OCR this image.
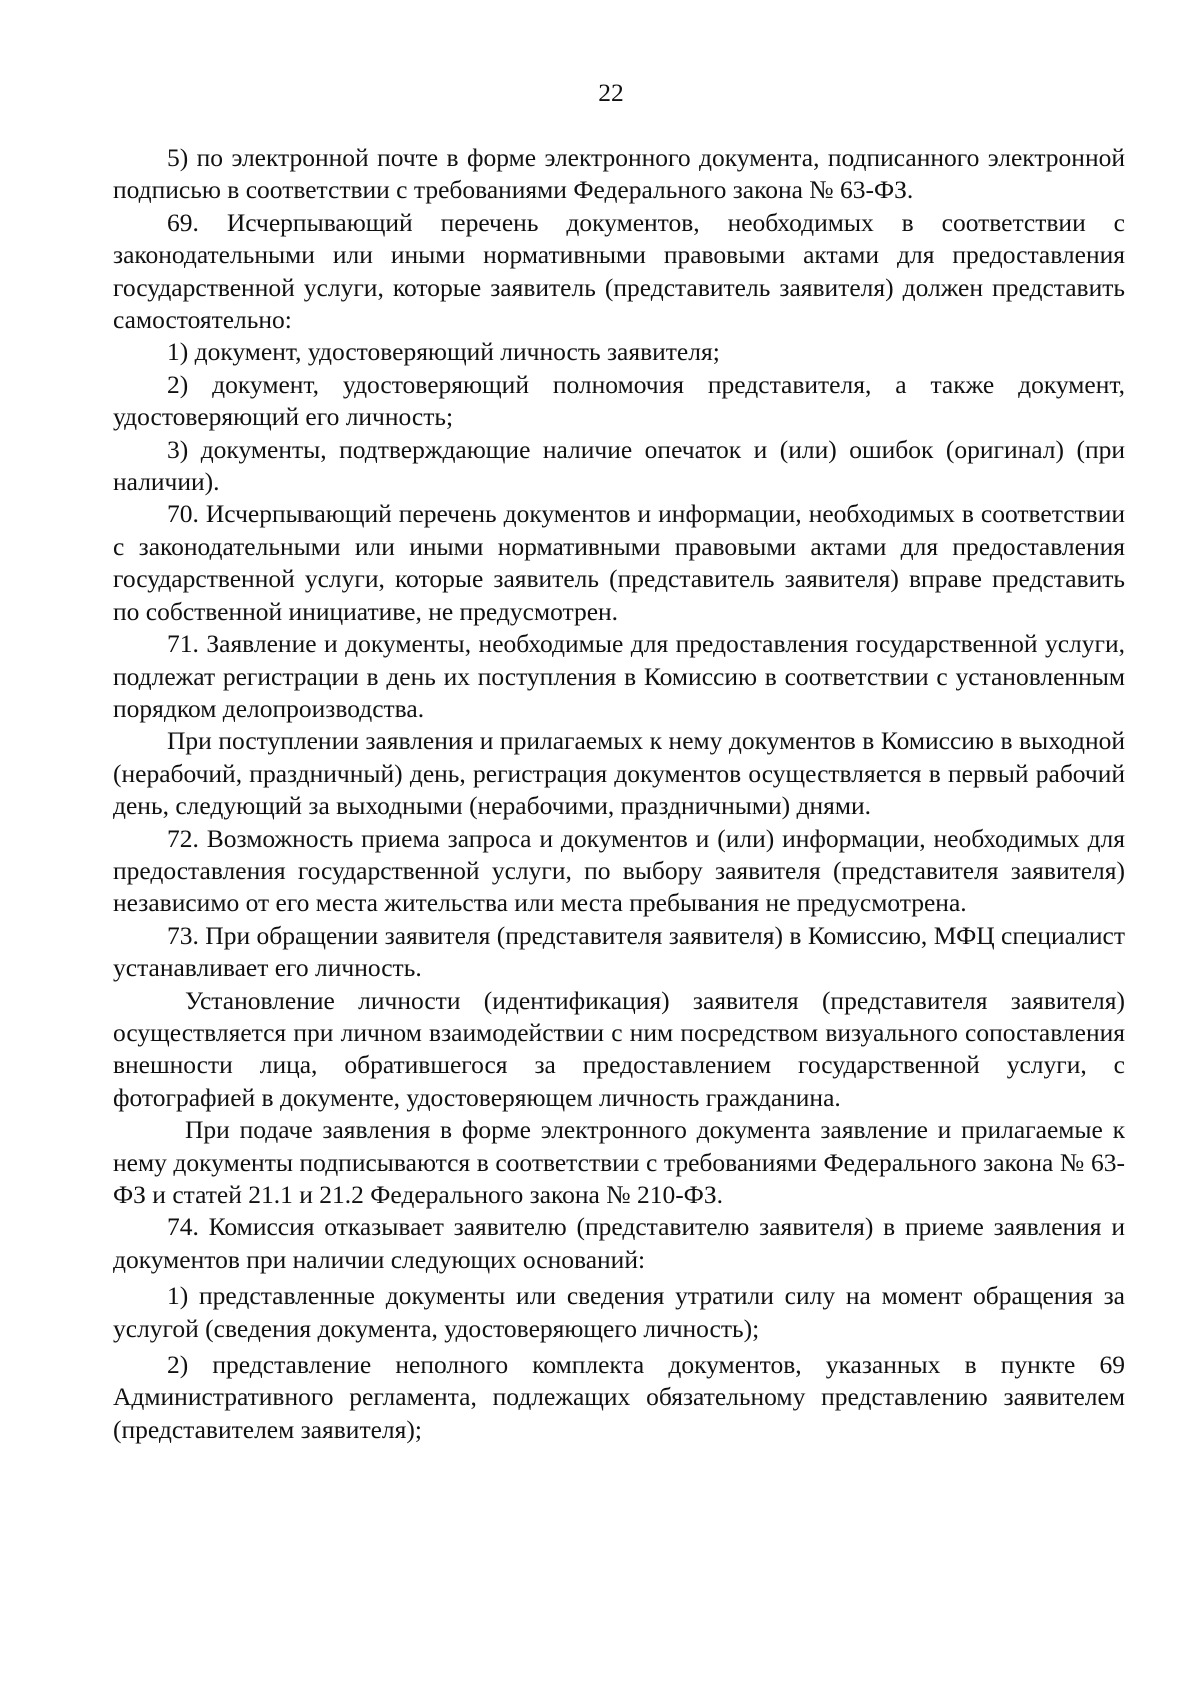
22

5) по электронной почте в форме электронного документа, подписанного электронной подписью в соответствии с требованиями Федерального закона № 63-ФЗ.

69. Исчерпывающий перечень документов, необходимых в соответствии с законодательными или иными нормативными правовыми актами для предоставления государственной услуги, которые заявитель (представитель заявителя) должен представить самостоятельно:

1) документ, удостоверяющий личность заявителя;

2) документ, удостоверяющий полномочия представителя, а также документ, удостоверяющий его личность;

3) документы, подтверждающие наличие опечаток и (или) ошибок (оригинал) (при наличии).

70. Исчерпывающий перечень документов и информации, необходимых в соответствии с законодательными или иными нормативными правовыми актами для предоставления государственной услуги, которые заявитель (представитель заявителя) вправе представить по собственной инициативе, не предусмотрен.

71. Заявление и документы, необходимые для предоставления государственной услуги, подлежат регистрации в день их поступления в Комиссию в соответствии с установленным порядком делопроизводства.

При поступлении заявления и прилагаемых к нему документов в Комиссию в выходной (нерабочий, праздничный) день, регистрация документов осуществляется в первый рабочий день, следующий за выходными (нерабочими, праздничными) днями.

72. Возможность приема запроса и документов и (или) информации, необходимых для предоставления государственной услуги, по выбору заявителя (представителя заявителя) независимо от его места жительства или места пребывания не предусмотрена.

73. При обращении заявителя (представителя заявителя) в Комиссию, МФЦ специалист устанавливает его личность.

Установление личности (идентификация) заявителя (представителя заявителя) осуществляется при личном взаимодействии с ним посредством визуального сопоставления внешности лица, обратившегося за предоставлением государственной услуги, с фотографией в документе, удостоверяющем личность гражданина.

При подаче заявления в форме электронного документа заявление и прилагаемые к нему документы подписываются в соответствии с требованиями Федерального закона № 63-ФЗ и статей 21.1 и 21.2 Федерального закона № 210-ФЗ.

74. Комиссия отказывает заявителю (представителю заявителя) в приеме заявления и документов при наличии следующих оснований:

1) представленные документы или сведения утратили силу на момент обращения за услугой (сведения документа, удостоверяющего личность);

2) представление неполного комплекта документов, указанных в пункте 69 Административного регламента, подлежащих обязательному представлению заявителем (представителем заявителя);
